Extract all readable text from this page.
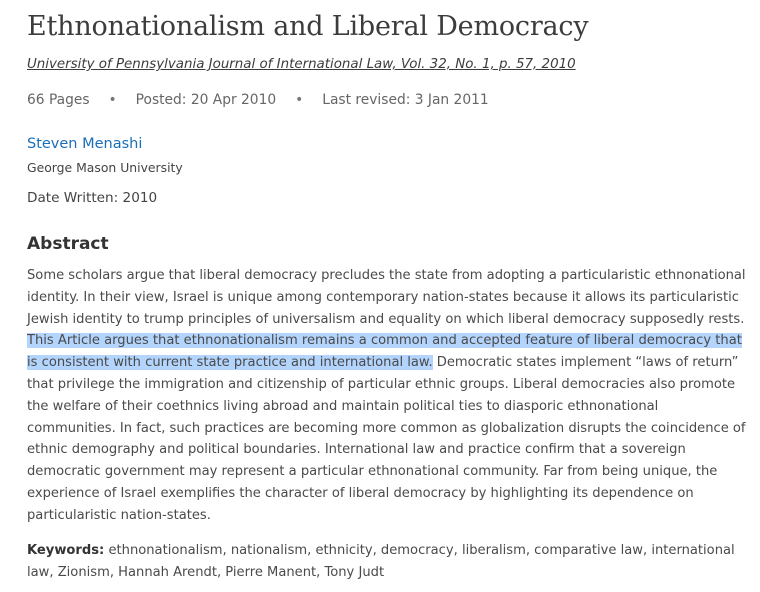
Ethnonationalism and Liberal Democracy
University of Pennsylvania Journal of International Law, Vol. 32, No. 1, p. 57, 2010
66 Pages • Posted: 20 Apr 2010 • Last revised: 3 Jan 2011
Steven Menashi
George Mason University
Date Written: 2010
Abstract
Some scholars argue that liberal democracy precludes the state from adopting a particularistic ethnonational
identity. In their view, Israel is unique among contemporary nation-states because it allows its particularistic
Jewish identity to trump principles of universalism and equality on which liberal democracy supposedly rests.
This Article argues that ethnonationalism remains a common and accepted feature of liberal democracy that
is consistent with current state practice and international law. Democratic states implement “laws of return”
that privilege the immigration and citizenship of particular ethnic groups. Liberal democracies also promote
the welfare of their coethnics living abroad and maintain political ties to diasporic ethnonational
communities. In fact, such practices are becoming more common as globalization disrupts the coincidence of
ethnic demography and political boundaries. International law and practice confirm that a sovereign
democratic government may represent a particular ethnonational community. Far from being unique, the
experience of Israel exemplifies the character of liberal democracy by highlighting its dependence on
particularistic nation-states.
Keywords: ethnonationalism, nationalism, ethnicity, democracy, liberalism, comparative law, international
law, Zionism, Hannah Arendt, Pierre Manent, Tony Judt
